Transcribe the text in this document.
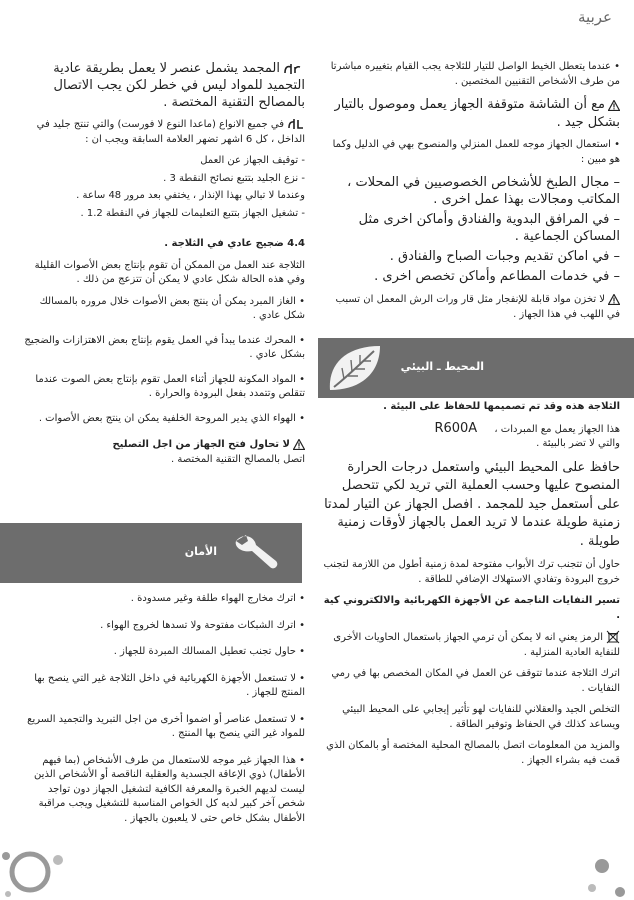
عربية

• عندما يتعطل الخيط الواصل للتيار للثلاجة يجب القيام بتغييره مباشرتا من طرف الأشخاص التقنيين المختصين .

مع أن الشاشة متوقفة الجهاز يعمل وموصول بالتيار بشكل جيد .

• استعمال الجهاز موجه للعمل المنزلي والمنصوح بهي في الدليل وكما هو مبين :

– مجال الطبخ للأشخاص الخصوصيين في المحلات ، المكاتب ومجالات بهذا عمل اخرى .
– في المرافق البدوية والفنادق وأماكن اخرى مثل المساكن الجماعية .
– في اماكن تقديم وجبات الصباح والفنادق .
– في خدمات المطاعم وأماكن تخصص اخرى .

لا تخزن مواد قابلة للإنفجار مثل قار ورات الرش المعمل ان تسبب في اللهب في هذا الجهاز .

المحيط ـ البيئي

الثلاجة هذه وقد تم تصميمها للحفاظ على البيئة .

هذا الجهاز يعمل مع المبردات ، R600A
والتي لا تضر بالبيئة .

حافظ على المحيط البيئي واستعمل درجات الحرارة المنصوح عليها وحسب العملية التي تريد لكي تتحصل على أستعمل جيد للمجمد . افصل الجهاز عن التيار لمدتا زمنية طويلة عندما لا تريد العمل بالجهاز لأوقات زمنية طويلة .

حاول أن تتجنب ترك الأبواب مفتوحة لمدة زمنية أطول من اللازمة لتجنب خروج البرودة وتفادي الاستهلاك الإضافي للطاقة .

تسير النفايات الناجمة عن الأجهزة الكهربائية والالكتروني كية .

الرمز يعني انه لا يمكن أن ترمي الجهاز باستعمال الحاويات الأخرى للنفاية العادية المنزلية .

اترك الثلاجة عندما تتوقف عن العمل في المكان المخصص بها في رمي النفايات .

التخلص الجيد والعقلاني للنفايات لهو تأثير إيجابي على المحيط البيئي ويساعد كذلك في الحفاظ وتوفير الطاقة .

والمزيد من المعلومات اتصل بالمصالح المحلية المختصة أو بالمكان الذي قمت فيه بشراء الجهاز .

المجمد يشمل عنصر لا يعمل بطريقة عادية التجميد للمواد ليس في خطر لكن يجب الاتصال بالمصالح التقنية المختصة .

في جميع الانواع (ماعدا النوع لا فورست) والتي تنتج جليد في الداخل ، كل 6 اشهر تضهر العلامة السابقة ويجب ان :

- توقيف الجهاز عن العمل
- نزع الجليد بتتبع نصائح النقطة 3 .
وعندما لا تبالي بهذا الإنذار ، يختفي بعد مرور 48 ساعة .
- تشغيل الجهاز بتتبع التعليمات للجهاز في النقطة 1.2 .

4.4 ضجيج عادي في الثلاجة .

الثلاجة عند العمل من الممكن أن تقوم بإنتاج بعض الأصوات القليلة وفي هذه الحالة شكل عادي لا يمكن أن تتزعج من ذلك .

• الغاز المبرد يمكن أن ينتج بعض الأصوات خلال مروره بالمسالك شكل عادي .
• المحرك عندما يبدأ في العمل يقوم بإنتاج بعض الاهتزازات والضجيج بشكل عادي .
• المواد المكونة للجهاز أثناء العمل تقوم بإنتاج بعض الصوت عندما تتقلص وتتمدد بفعل البرودة والحرارة .
• الهواء الذي يدير المروحة الخلفية يمكن ان ينتج بعض الأصوات .

لا تحاول فتح الجهاز من اجل التصليح

اتصل بالمصالح التقنية المختصة .

الأمان
• اترك مخارج الهواء طلقة وغير مسدودة .
• اترك الشبكات مفتوحة ولا تسدها لخروج الهواء .
• حاول تجنب تعطيل المسالك المبردة للجهاز .
• لا تستعمل الأجهزة الكهربائية في داخل الثلاجة غير التي ينصح بها المنتج للجهاز .
• لا تستعمل عناصر أو اضموا أخرى من اجل التبريد والتجميد السريع للمواد غير التي ينصح بها المنتج .
• هذا الجهاز غير موجه للاستعمال من طرف الأشخاص (بما فيهم الأطفال) ذوي الإعاقة الجسدية والعقلية الناقصة أو الأشخاص الذين ليست لديهم الخبرة والمعرفة الكافية لتشغيل الجهاز دون تواجد شخص آخر كبير لديه كل الخواص المناسبة للتشغيل ويجب مراقبة الأطفال بشكل خاص حتى لا يلعبون بالجهاز .
